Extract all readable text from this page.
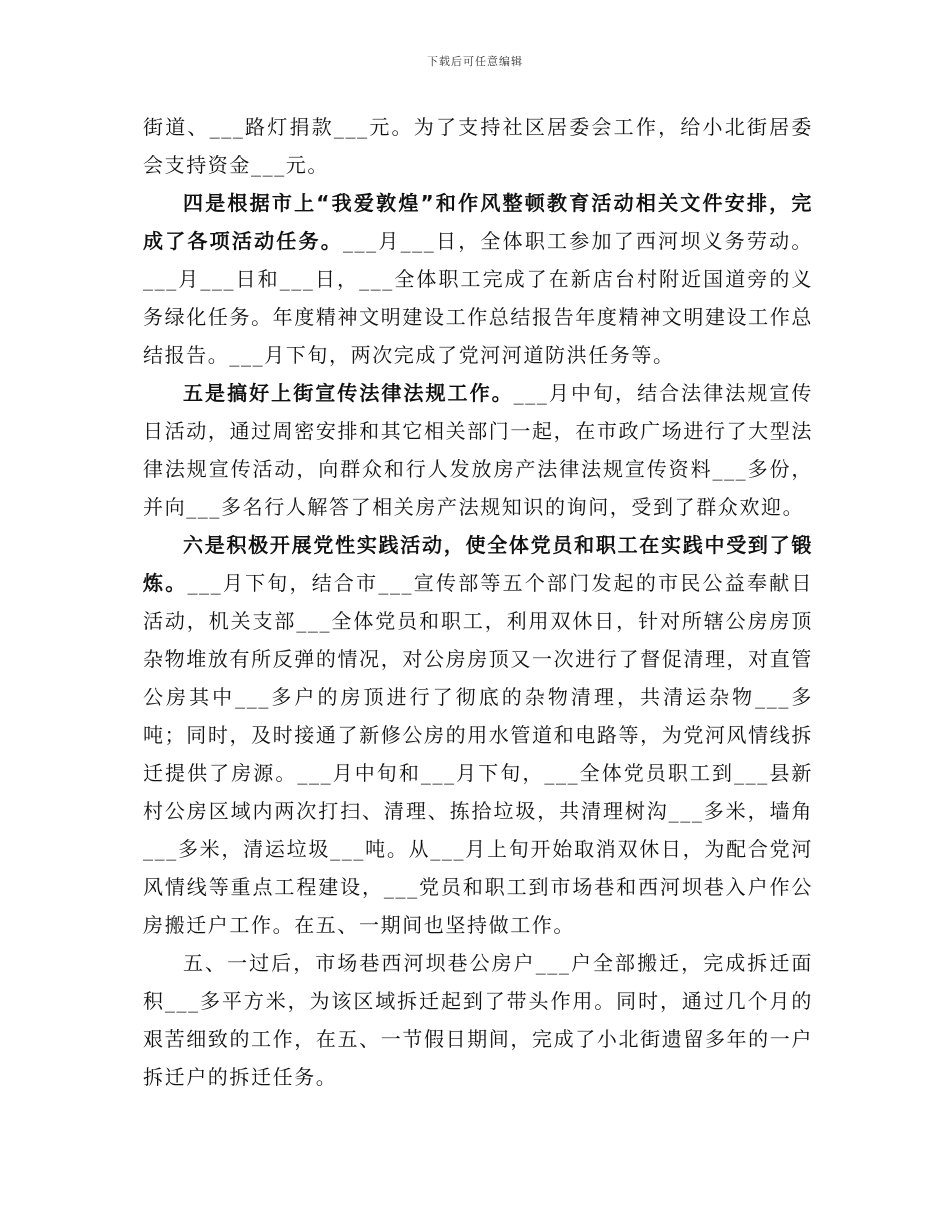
下载后可任意编辑

街道、___路灯捐款___元。为了支持社区居委会工作，给小北街居委会支持资金___元。

四是根据市上“我爱敦煌”和作风整顿教育活动相关文件安排，完成了各项活动任务。___月___日，全体职工参加了西河坝义务劳动。___月___日和___日，___全体职工完成了在新店台村附近国道旁的义务绿化任务。年度精神文明建设工作总结报告年度精神文明建设工作总结报告。___月下旬，两次完成了党河河道防洪任务等。

五是搞好上街宣传法律法规工作。___月中旬，结合法律法规宣传日活动，通过周密安排和其它相关部门一起，在市政广场进行了大型法律法规宣传活动，向群众和行人发放房产法律法规宣传资料___多份，并向___多名行人解答了相关房产法规知识的询问，受到了群众欢迎。

六是积极开展党性实践活动，使全体党员和职工在实践中受到了锻炼。___月下旬，结合市___宣传部等五个部门发起的市民公益奉献日活动，机关支部___全体党员和职工，利用双休日，针对所辖公房房顶杂物堆放有所反弹的情况，对公房房顶又一次进行了督促清理，对直管公房其中___多户的房顶进行了彻底的杂物清理，共清运杂物___多吨；同时，及时接通了新修公房的用水管道和电路等，为党河风情线拆迁提供了房源。___月中旬和___月下旬，___全体党员职工到___县新村公房区域内两次打扫、清理、拣拾垃圾，共清理树沟___多米，墙角___多米，清运垃圾___吨。从___月上旬开始取消双休日，为配合党河风情线等重点工程建设，___党员和职工到市场巷和西河坝巷入户作公房搬迁户工作。在五、一期间也坚持做工作。

五、一过后，市场巷西河坝巷公房户___户全部搬迁，完成拆迁面积___多平方米，为该区域拆迁起到了带头作用。同时，通过几个月的艰苦细致的工作，在五、一节假日期间，完成了小北街遗留多年的一户拆迁户的拆迁任务。
